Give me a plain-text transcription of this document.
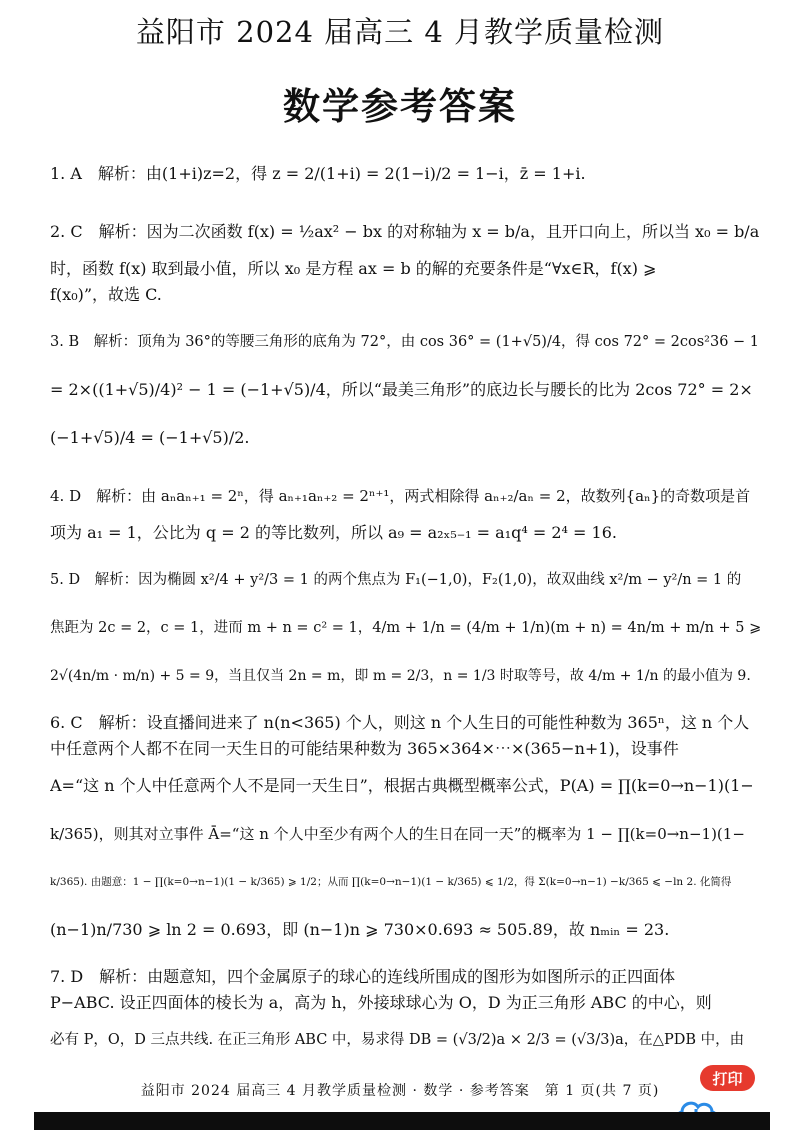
益阳市 2024 届高三 4 月教学质量检测
数学参考答案
1. A　解析：由(1+i)z=2，得 z = 2/(1+i) = 2(1−i)/2 = 1−i，z̄ = 1+i.
2. C　解析：因为二次函数 f(x) = ½ax² − bx 的对称轴为 x = b/a，且开口向上，所以当 x₀ = b/a
时，函数 f(x) 取到最小值，所以 x₀ 是方程 ax = b 的解的充要条件是“∀x∈R，f(x) ⩾
f(x₀)”，故选 C.
3. B　解析：顶角为 36°的等腰三角形的底角为 72°，由 cos 36° = (1+√5)/4，得 cos 72° = 2cos²36 − 1
= 2×((1+√5)/4)² − 1 = (−1+√5)/4，所以“最美三角形”的底边长与腰长的比为 2cos 72° = 2×
(−1+√5)/4 = (−1+√5)/2.
4. D　解析：由 aₙaₙ₊₁ = 2ⁿ，得 aₙ₊₁aₙ₊₂ = 2ⁿ⁺¹，两式相除得 aₙ₊₂/aₙ = 2，故数列{aₙ}的奇数项是首
项为 a₁ = 1，公比为 q = 2 的等比数列，所以 a₉ = a₂ₓ₅₋₁ = a₁q⁴ = 2⁴ = 16.
5. D　解析：因为椭圆 x²/4 + y²/3 = 1 的两个焦点为 F₁(−1,0)，F₂(1,0)，故双曲线 x²/m − y²/n = 1 的
焦距为 2c = 2，c = 1，进而 m + n = c² = 1，4/m + 1/n = (4/m + 1/n)(m + n) = 4n/m + m/n + 5 ⩾
2√(4n/m · m/n) + 5 = 9，当且仅当 2n = m，即 m = 2/3，n = 1/3 时取等号，故 4/m + 1/n 的最小值为 9.
6. C　解析：设直播间进来了 n(n<365) 个人，则这 n 个人生日的可能性种数为 365ⁿ，这 n 个人
中任意两个人都不在同一天生日的可能结果种数为 365×364×⋯×(365−n+1)，设事件
A=“这 n 个人中任意两个人不是同一天生日”，根据古典概型概率公式，P(A) = ∏(k=0→n−1)(1−
k/365)，则其对立事件 Ā=“这 n 个人中至少有两个人的生日在同一天”的概率为 1 − ∏(k=0→n−1)(1−
k/365). 由题意：1 − ∏(k=0→n−1)(1 − k/365) ⩾ 1/2；从而 ∏(k=0→n−1)(1 − k/365) ⩽ 1/2，得 Σ(k=0→n−1) −k/365 ⩽ −ln 2. 化简得
(n−1)n/730 ⩾ ln 2 = 0.693，即 (n−1)n ⩾ 730×0.693 ≈ 505.89，故 nₘᵢₙ = 23.
7. D　解析：由题意知，四个金属原子的球心的连线所围成的图形为如图所示的正四面体
P−ABC. 设正四面体的棱长为 a，高为 h，外接球球心为 O，D 为正三角形 ABC 的中心，则
必有 P，O，D 三点共线. 在正三角形 ABC 中，易求得 DB = (√3/2)a × 2/3 = (√3/3)a，在△PDB 中，由
益阳市 2024 届高三 4 月教学质量检测 · 数学 · 参考答案　第 1 页(共 7 页)
打印
